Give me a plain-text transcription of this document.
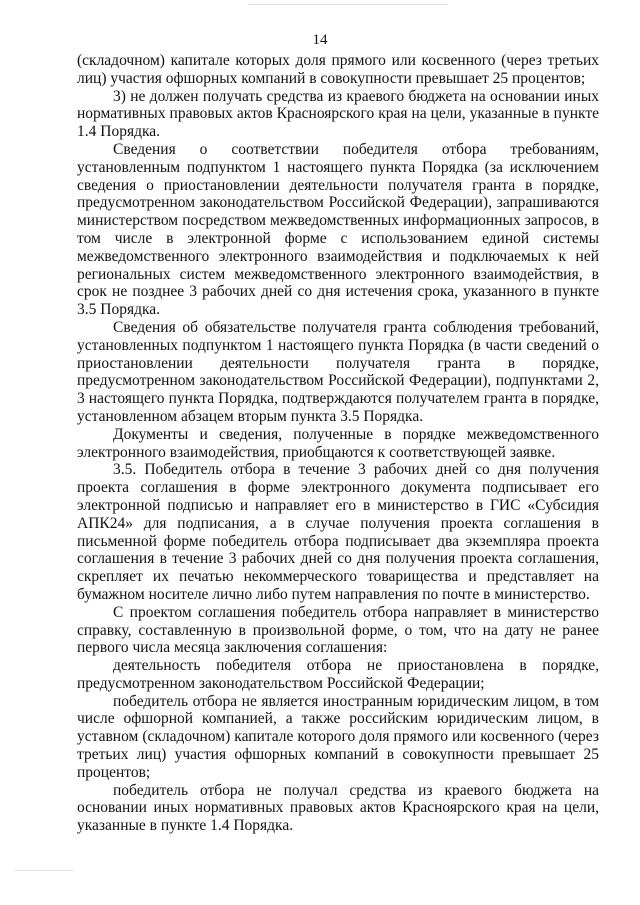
14

(складочном) капитале которых доля прямого или косвенного (через третьих лиц) участия офшорных компаний в совокупности превышает 25 процентов;

3) не должен получать средства из краевого бюджета на основании иных нормативных правовых актов Красноярского края на цели, указанные в пункте 1.4 Порядка.

Сведения о соответствии победителя отбора требованиям, установленным подпунктом 1 настоящего пункта Порядка (за исключением сведения о приостановлении деятельности получателя гранта в порядке, предусмотренном законодательством Российской Федерации), запрашиваются министерством посредством межведомственных информационных запросов, в том числе в электронной форме с использованием единой системы межведомственного электронного взаимодействия и подключаемых к ней региональных систем межведомственного электронного взаимодействия, в срок не позднее 3 рабочих дней со дня истечения срока, указанного в пункте 3.5 Порядка.

Сведения об обязательстве получателя гранта соблюдения требований, установленных подпунктом 1 настоящего пункта Порядка (в части сведений о приостановлении деятельности получателя гранта в порядке, предусмотренном законодательством Российской Федерации), подпунктами 2, 3 настоящего пункта Порядка, подтверждаются получателем гранта в порядке, установленном абзацем вторым пункта 3.5 Порядка.

Документы и сведения, полученные в порядке межведомственного электронного взаимодействия, приобщаются к соответствующей заявке.

3.5. Победитель отбора в течение 3 рабочих дней со дня получения проекта соглашения в форме электронного документа подписывает его электронной подписью и направляет его в министерство в ГИС «Субсидия АПК24» для подписания, а в случае получения проекта соглашения в письменной форме победитель отбора подписывает два экземпляра проекта соглашения в течение 3 рабочих дней со дня получения проекта соглашения, скрепляет их печатью некоммерческого товарищества и представляет на бумажном носителе лично либо путем направления по почте в министерство.

С проектом соглашения победитель отбора направляет в министерство справку, составленную в произвольной форме, о том, что на дату не ранее первого числа месяца заключения соглашения:

деятельность победителя отбора не приостановлена в порядке, предусмотренном законодательством Российской Федерации;

победитель отбора не является иностранным юридическим лицом, в том числе офшорной компанией, а также российским юридическим лицом, в уставном (складочном) капитале которого доля прямого или косвенного (через третьих лиц) участия офшорных компаний в совокупности превышает 25 процентов;

победитель отбора не получал средства из краевого бюджета на основании иных нормативных правовых актов Красноярского края на цели, указанные в пункте 1.4 Порядка.
